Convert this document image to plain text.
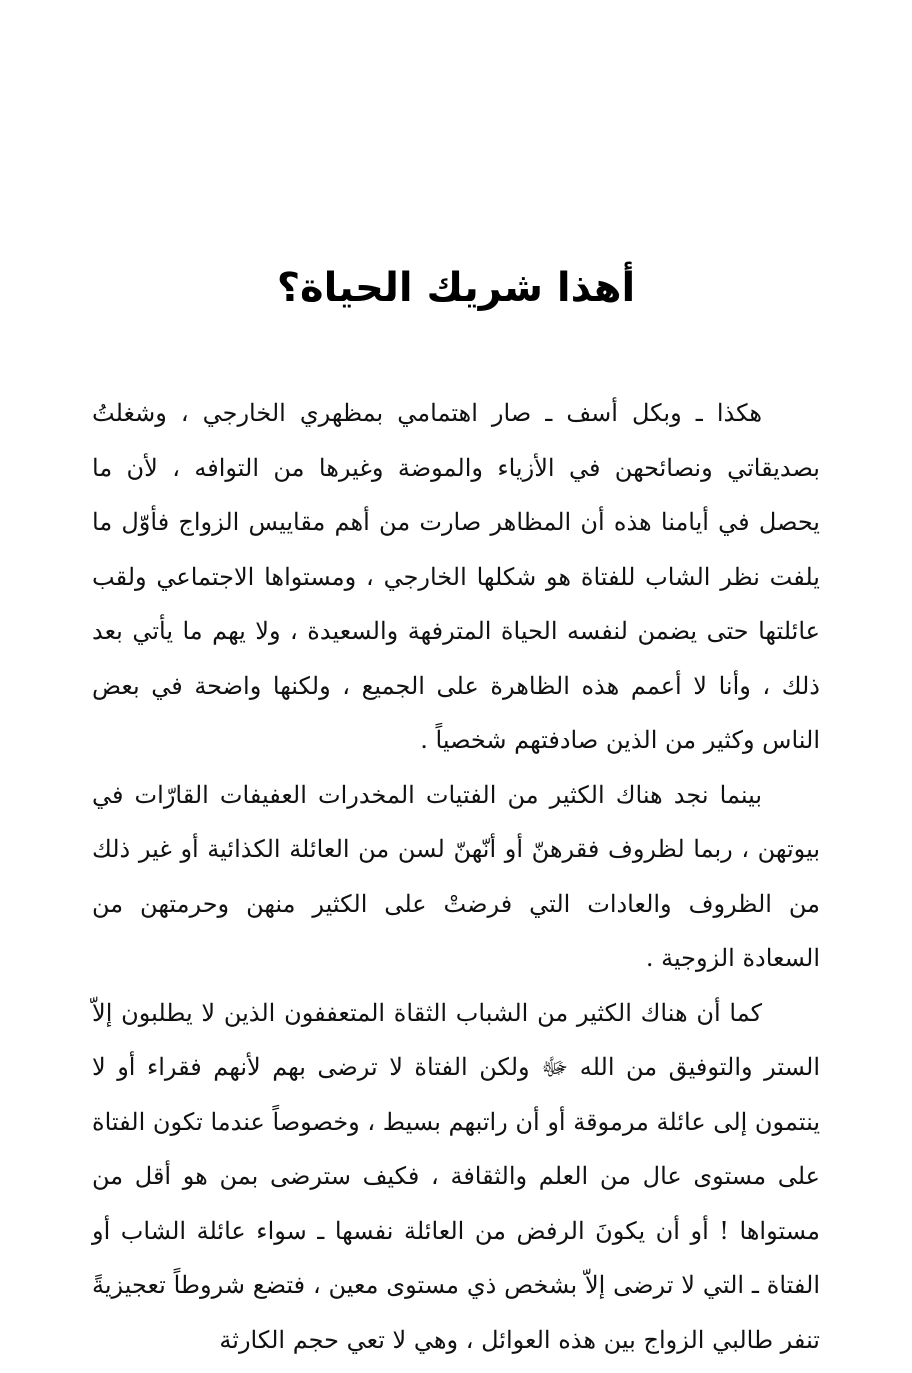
أهذا شريك الحياة؟

هكذا ـ وبكل أسف ـ صار اهتمامي بمظهري الخارجي ، وشغلتُ بصديقاتي ونصائحهن في الأزياء والموضة وغيرها من التوافه ، لأن ما يحصل في أيامنا هذه أن المظاهر صارت من أهم مقاييس الزواج فأوّل ما يلفت نظر الشاب للفتاة هو شكلها الخارجي ، ومستواها الاجتماعي ولقب عائلتها حتى يضمن لنفسه الحياة المترفهة والسعيدة ، ولا يهم ما يأتي بعد ذلك ، وأنا لا أعمم هذه الظاهرة على الجميع ، ولكنها واضحة في بعض الناس وكثير من الذين صادفتهم شخصياً .

بينما نجد هناك الكثير من الفتيات المخدرات العفيفات القارّات في بيوتهن ، ربما لظروف فقرهنّ أو أنّهنّ لسن من العائلة الكذائية أو غير ذلك من الظروف والعادات التي فرضتْ على الكثير منهن وحرمتهن من السعادة الزوجية .

كما أن هناك الكثير من الشباب الثقاة المتعففون الذين لا يطلبون إلاّ الستر والتوفيق من الله ﷻ ولكن الفتاة لا ترضى بهم لأنهم فقراء أو لا ينتمون إلى عائلة مرموقة أو أن راتبهم بسيط ، وخصوصاً عندما تكون الفتاة على مستوى عال من العلم والثقافة ، فكيف سترضى بمن هو أقل من مستواها ! أو أن يكونَ الرفض من العائلة نفسها ـ سواء عائلة الشاب أو الفتاة ـ التي لا ترضى إلاّ بشخص ذي مستوى معين ، فتضع شروطاً تعجيزيةً تنفر طالبي الزواج بين هذه العوائل ، وهي لا تعي حجم الكارثة
